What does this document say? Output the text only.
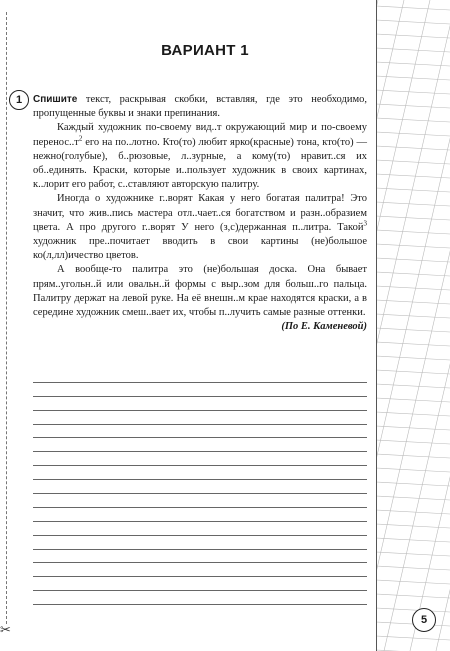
✂
ВАРИАНТ 1
1	Спишите текст, раскрывая скобки, вставляя, где это необходимо, пропущенные буквы и знаки препинания.

Каждый художник по-своему вид..т окружающий мир и по-своему $перенос..т^2$ его на по..лотно. Кто(то) любит ярко(красные) тона, кто(то) — нежно(голубые), б..рюзовые, л..зурные, а кому(то) нравит..ся их об..единять. Краски, которые и..пользует художник в своих картинах, к..лорит его работ, с..ставляют авторскую палитру.

Иногда о художнике г..ворят Какая у него богатая палитра! Это значит, что жив..пись мастера отл..чает..ся богатством и разн..образием цвета. А про другого г..ворят У него (з,с)держанная п..литра. Такой$^3$ художник пре..почитает вводить в свои картины (не)большое ко(л,лл)ичество цветов.

А вообще-то палитра это (не)большая доска. Она бывает прям..угольн..й или овальн..й формы с выр..зом для больш..го пальца. Палитру держат на левой руке. На её внешн..м крае находятся краски, а в середине художник смеш..вает их, чтобы п..лучить самые разные оттенки.

(По Е. Каменевой)

5
